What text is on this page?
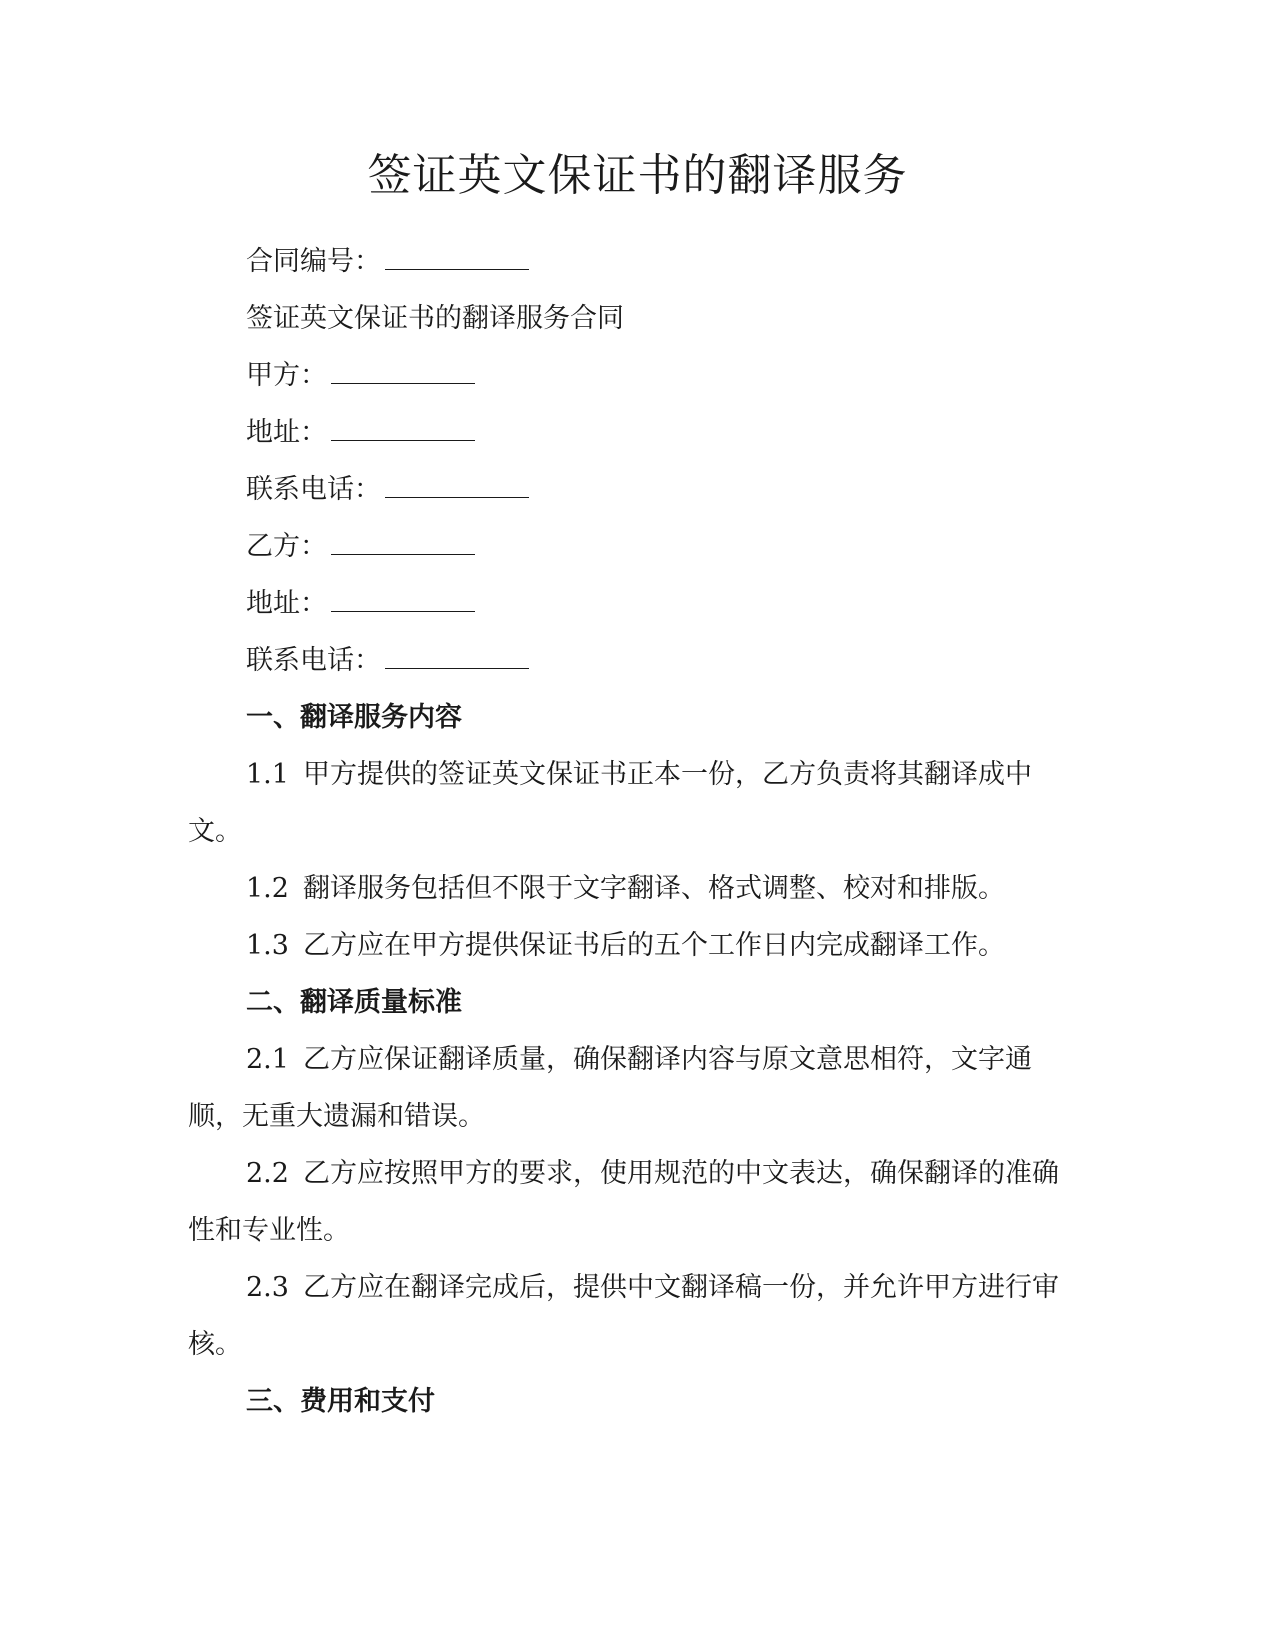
签证英文保证书的翻译服务

合同编号：

签证英文保证书的翻译服务合同

甲方：

地址：

联系电话：

乙方：

地址：

联系电话：

一、翻译服务内容

1.1 甲方提供的签证英文保证书正本一份，乙方负责将其翻译成中文。

1.2 翻译服务包括但不限于文字翻译、格式调整、校对和排版。

1.3 乙方应在甲方提供保证书后的五个工作日内完成翻译工作。

二、翻译质量标准

2.1 乙方应保证翻译质量，确保翻译内容与原文意思相符，文字通顺，无重大遗漏和错误。

2.2 乙方应按照甲方的要求，使用规范的中文表达，确保翻译的准确性和专业性。

2.3 乙方应在翻译完成后，提供中文翻译稿一份，并允许甲方进行审核。

三、费用和支付
